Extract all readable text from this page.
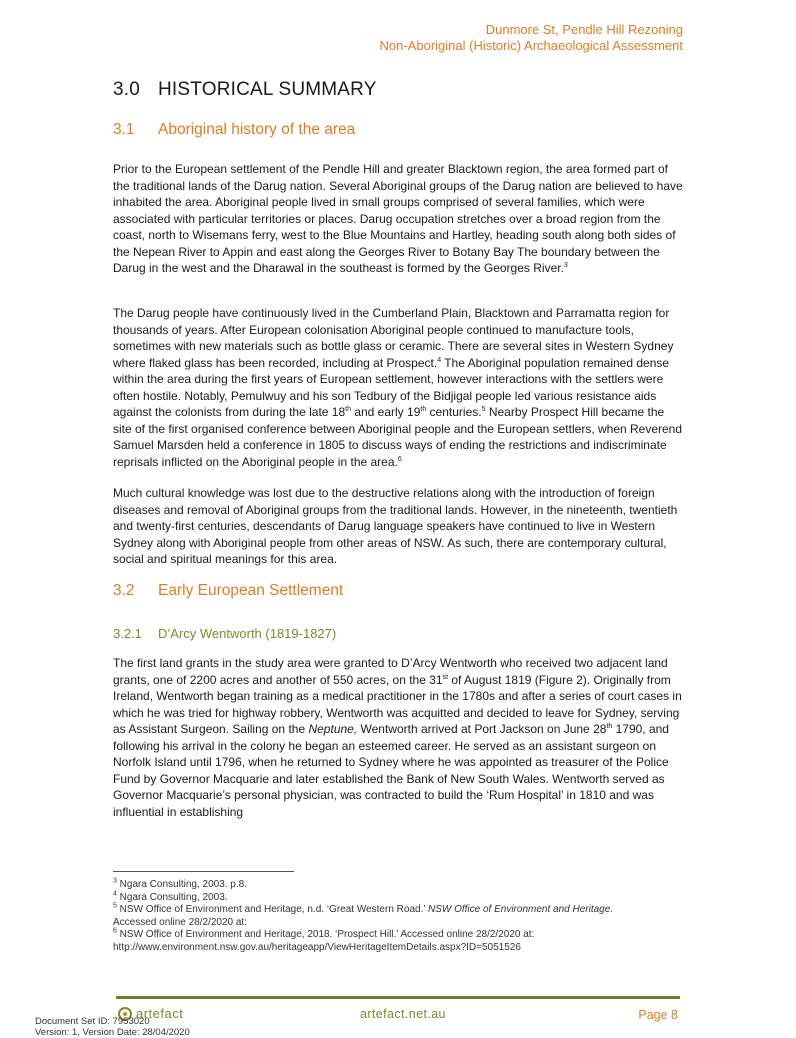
Dunmore St, Pendle Hill Rezoning
Non-Aboriginal (Historic) Archaeological Assessment
3.0 HISTORICAL SUMMARY
3.1 Aboriginal history of the area
Prior to the European settlement of the Pendle Hill and greater Blacktown region, the area formed part of the traditional lands of the Darug nation. Several Aboriginal groups of the Darug nation are believed to have inhabited the area. Aboriginal people lived in small groups comprised of several families, which were associated with particular territories or places. Darug occupation stretches over a broad region from the coast, north to Wisemans ferry, west to the Blue Mountains and Hartley, heading south along both sides of the Nepean River to Appin and east along the Georges River to Botany Bay The boundary between the Darug in the west and the Dharawal in the southeast is formed by the Georges River.$^3$
The Darug people have continuously lived in the Cumberland Plain, Blacktown and Parramatta region for thousands of years. After European colonisation Aboriginal people continued to manufacture tools, sometimes with new materials such as bottle glass or ceramic. There are several sites in Western Sydney where flaked glass has been recorded, including at Prospect.$^4$ The Aboriginal population remained dense within the area during the first years of European settlement, however interactions with the settlers were often hostile. Notably, Pemulwuy and his son Tedbury of the Bidjigal people led various resistance aids against the colonists from during the late 18th and early 19th centuries.$^5$ Nearby Prospect Hill became the site of the first organised conference between Aboriginal people and the European settlers, when Reverend Samuel Marsden held a conference in 1805 to discuss ways of ending the restrictions and indiscriminate reprisals inflicted on the Aboriginal people in the area.$^6$
Much cultural knowledge was lost due to the destructive relations along with the introduction of foreign diseases and removal of Aboriginal groups from the traditional lands. However, in the nineteenth, twentieth and twenty-first centuries, descendants of Darug language speakers have continued to live in Western Sydney along with Aboriginal people from other areas of NSW. As such, there are contemporary cultural, social and spiritual meanings for this area.
3.2 Early European Settlement
3.2.1 D’Arcy Wentworth (1819-1827)
The first land grants in the study area were granted to D’Arcy Wentworth who received two adjacent land grants, one of 2200 acres and another of 550 acres, on the 31st of August 1819 (Figure 2). Originally from Ireland, Wentworth began training as a medical practitioner in the 1780s and after a series of court cases in which he was tried for highway robbery, Wentworth was acquitted and decided to leave for Sydney, serving as Assistant Surgeon. Sailing on the Neptune, Wentworth arrived at Port Jackson on June 28th 1790, and following his arrival in the colony he began an esteemed career. He served as an assistant surgeon on Norfolk Island until 1796, when he returned to Sydney where he was appointed as treasurer of the Police Fund by Governor Macquarie and later established the Bank of New South Wales. Wentworth served as Governor Macquarie’s personal physician, was contracted to build the ‘Rum Hospital’ in 1810 and was influential in establishing
$^3$ Ngara Consulting, 2003. p.8.
$^4$ Ngara Consulting, 2003.
$^5$ NSW Office of Environment and Heritage, n.d. ‘Great Western Road.’ NSW Office of Environment and Heritage.
Accessed online 28/2/2020 at:
$^6$ NSW Office of Environment and Heritage, 2018. ‘Prospect Hill.’ Accessed online 28/2/2020 at:
http://www.environment.nsw.gov.au/heritageapp/ViewHeritageItemDetails.aspx?ID=5051526
artefact	artefact.net.au	Page 8
Document Set ID: 7953020
Version: 1, Version Date: 28/04/2020
